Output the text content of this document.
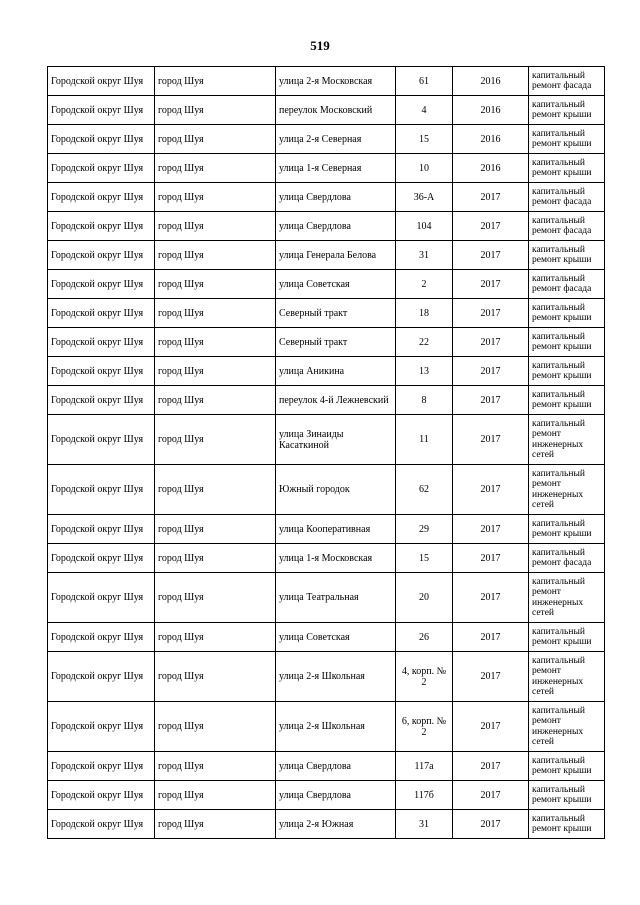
519
Городской округ Шуя	город Шуя	улица 2-я Московская	61	2016	капитальный ремонт фасада
Городской округ Шуя	город Шуя	переулок Московский	4	2016	капитальный ремонт крыши
Городской округ Шуя	город Шуя	улица 2-я Северная	15	2016	капитальный ремонт крыши
Городской округ Шуя	город Шуя	улица 1-я Северная	10	2016	капитальный ремонт крыши
Городской округ Шуя	город Шуя	улица Свердлова	36-А	2017	капитальный ремонт фасада
Городской округ Шуя	город Шуя	улица Свердлова	104	2017	капитальный ремонт фасада
Городской округ Шуя	город Шуя	улица Генерала Белова	31	2017	капитальный ремонт крыши
Городской округ Шуя	город Шуя	улица Советская	2	2017	капитальный ремонт фасада
Городской округ Шуя	город Шуя	Северный тракт	18	2017	капитальный ремонт крыши
Городской округ Шуя	город Шуя	Северный тракт	22	2017	капитальный ремонт крыши
Городской округ Шуя	город Шуя	улица Аникина	13	2017	капитальный ремонт крыши
Городской округ Шуя	город Шуя	переулок 4-й Лежневский	8	2017	капитальный ремонт крыши
Городской округ Шуя	город Шуя	улица Зинаиды Касаткиной	11	2017	капитальный ремонт инженерных сетей
Городской округ Шуя	город Шуя	Южный городок	62	2017	капитальный ремонт инженерных сетей
Городской округ Шуя	город Шуя	улица Кооперативная	29	2017	капитальный ремонт крыши
Городской округ Шуя	город Шуя	улица 1-я Московская	15	2017	капитальный ремонт фасада
Городской округ Шуя	город Шуя	улица Театральная	20	2017	капитальный ремонт инженерных сетей
Городской округ Шуя	город Шуя	улица Советская	26	2017	капитальный ремонт крыши
Городской округ Шуя	город Шуя	улица 2-я Школьная	4, корп. № 2	2017	капитальный ремонт инженерных сетей
Городской округ Шуя	город Шуя	улица 2-я Школьная	6, корп. № 2	2017	капитальный ремонт инженерных сетей
Городской округ Шуя	город Шуя	улица Свердлова	117а	2017	капитальный ремонт крыши
Городской округ Шуя	город Шуя	улица Свердлова	117б	2017	капитальный ремонт крыши
Городской округ Шуя	город Шуя	улица 2-я Южная	31	2017	капитальный ремонт крыши
